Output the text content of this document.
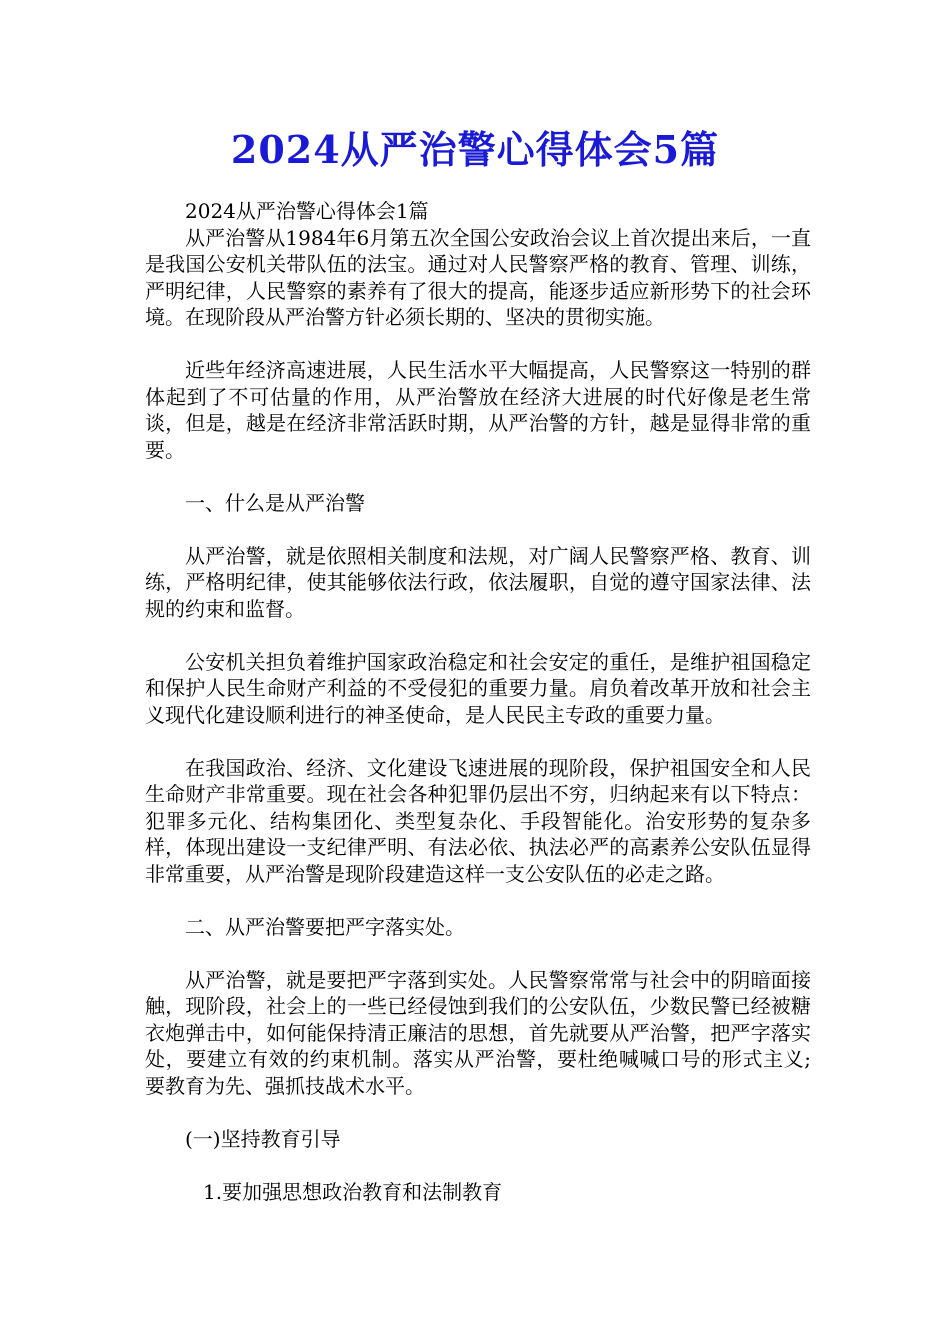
2024从严治警心得体会5篇

2024从严治警心得体会1篇

从严治警从1984年6月第五次全国公安政治会议上首次提出来后，一直是我国公安机关带队伍的法宝。通过对人民警察严格的教育、管理、训练，严明纪律，人民警察的素养有了很大的提高，能逐步适应新形势下的社会环境。在现阶段从严治警方针必须长期的、坚决的贯彻实施。

近些年经济高速进展，人民生活水平大幅提高，人民警察这一特别的群体起到了不可估量的作用，从严治警放在经济大进展的时代好像是老生常谈，但是，越是在经济非常活跃时期，从严治警的方针，越是显得非常的重要。

一、什么是从严治警

从严治警，就是依照相关制度和法规，对广阔人民警察严格、教育、训练，严格明纪律，使其能够依法行政，依法履职，自觉的遵守国家法律、法规的约束和监督。

公安机关担负着维护国家政治稳定和社会安定的重任，是维护祖国稳定和保护人民生命财产利益的不受侵犯的重要力量。肩负着改革开放和社会主义现代化建设顺利进行的神圣使命，是人民民主专政的重要力量。

在我国政治、经济、文化建设飞速进展的现阶段，保护祖国安全和人民生命财产非常重要。现在社会各种犯罪仍层出不穷，归纳起来有以下特点：犯罪多元化、结构集团化、类型复杂化、手段智能化。治安形势的复杂多样，体现出建设一支纪律严明、有法必依、执法必严的高素养公安队伍显得非常重要，从严治警是现阶段建造这样一支公安队伍的必走之路。

二、从严治警要把严字落实处。

从严治警，就是要把严字落到实处。人民警察常常与社会中的阴暗面接触，现阶段，社会上的一些已经侵蚀到我们的公安队伍，少数民警已经被糖衣炮弹击中，如何能保持清正廉洁的思想，首先就要从严治警，把严字落实处，要建立有效的约束机制。落实从严治警，要杜绝喊喊口号的形式主义;要教育为先、强抓技战术水平。

(一)坚持教育引导

1.要加强思想政治教育和法制教育
